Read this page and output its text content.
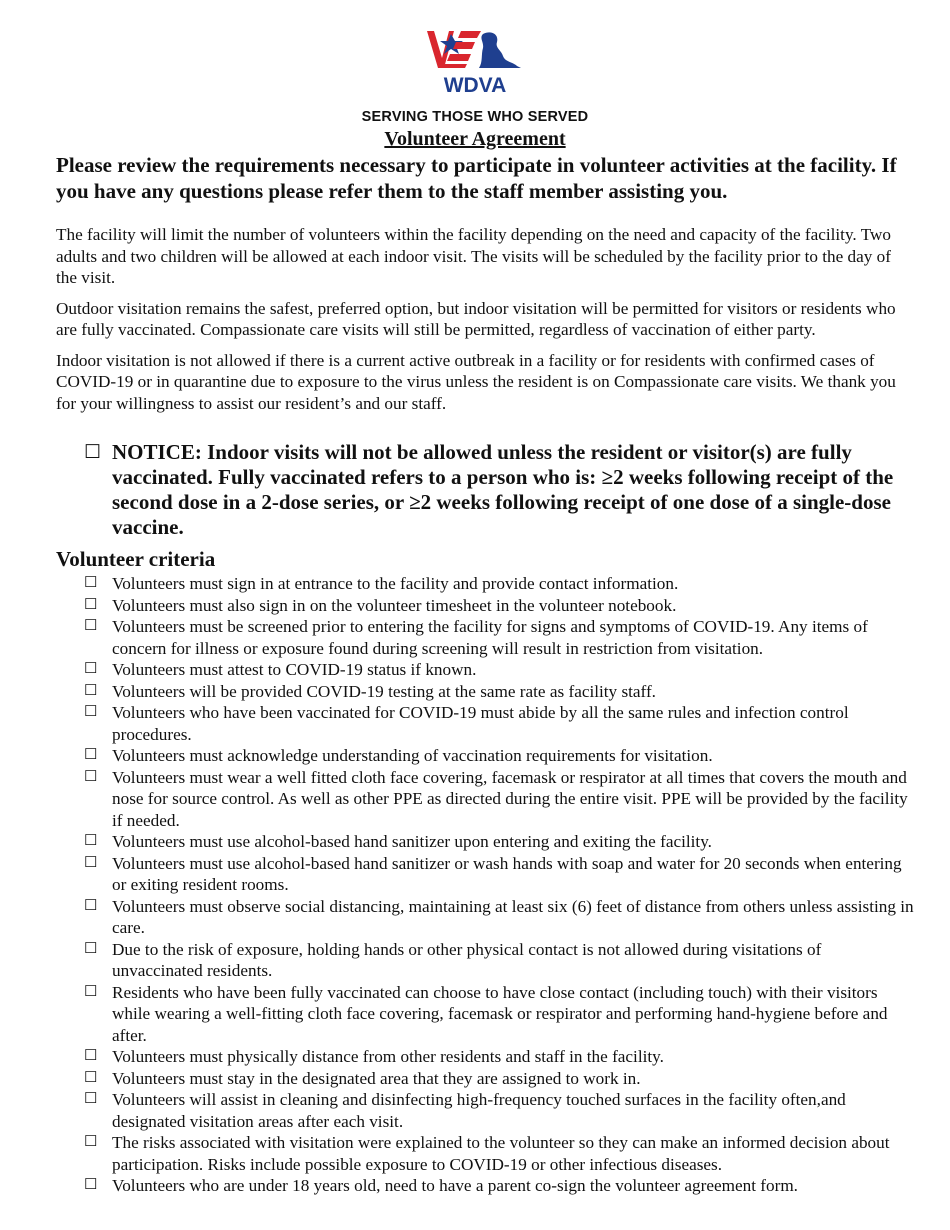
WDVA
SERVING THOSE WHO SERVED
Volunteer Agreement

Please review the requirements necessary to participate in volunteer activities at the facility. If you have any questions please refer them to the staff member assisting you.

The facility will limit the number of volunteers within the facility depending on the need and capacity of the facility. Two adults and two children will be allowed at each indoor visit. The visits will be scheduled by the facility prior to the day of the visit.

Outdoor visitation remains the safest, preferred option, but indoor visitation will be permitted for visitors or residents who are fully vaccinated. Compassionate care visits will still be permitted, regardless of vaccination of either party.

Indoor visitation is not allowed if there is a current active outbreak in a facility or for residents with confirmed cases of COVID-19 or in quarantine due to exposure to the virus unless the resident is on Compassionate care visits. We thank you for your willingness to assist our resident’s and our staff.

☐ NOTICE: Indoor visits will not be allowed unless the resident or visitor(s) are fully vaccinated. Fully vaccinated refers to a person who is: ≥2 weeks following receipt of the second dose in a 2-dose series, or ≥2 weeks following receipt of one dose of a single-dose vaccine.
Volunteer criteria
☐ Volunteers must sign in at entrance to the facility and provide contact information.
☐ Volunteers must also sign in on the volunteer timesheet in the volunteer notebook.
☐ Volunteers must be screened prior to entering the facility for signs and symptoms of COVID-19. Any items of concern for illness or exposure found during screening will result in restriction from visitation.
☐ Volunteers must attest to COVID-19 status if known.
☐ Volunteers will be provided COVID-19 testing at the same rate as facility staff.
☐ Volunteers who have been vaccinated for COVID-19 must abide by all the same rules and infection control procedures.
☐ Volunteers must acknowledge understanding of vaccination requirements for visitation.
☐ Volunteers must wear a well fitted cloth face covering, facemask or respirator at all times that covers the mouth and nose for source control. As well as other PPE as directed during the entire visit. PPE will be provided by the facility if needed.
☐ Volunteers must use alcohol-based hand sanitizer upon entering and exiting the facility.
☐ Volunteers must use alcohol-based hand sanitizer or wash hands with soap and water for 20 seconds when entering or exiting resident rooms.
☐ Volunteers must observe social distancing, maintaining at least six (6) feet of distance from others unless assisting in care.
☐ Due to the risk of exposure, holding hands or other physical contact is not allowed during visitations of unvaccinated residents.
☐ Residents who have been fully vaccinated can choose to have close contact (including touch) with their visitors while wearing a well-fitting cloth face covering, facemask or respirator and performing hand-hygiene before and after.
☐ Volunteers must physically distance from other residents and staff in the facility.
☐ Volunteers must stay in the designated area that they are assigned to work in.
☐ Volunteers will assist in cleaning and disinfecting high-frequency touched surfaces in the facility often,and designated visitation areas after each visit.
☐ The risks associated with visitation were explained to the volunteer so they can make an informed decision about participation. Risks include possible exposure to COVID-19 or other infectious diseases.
☐ Volunteers who are under 18 years old, need to have a parent co-sign the volunteer agreement form.
